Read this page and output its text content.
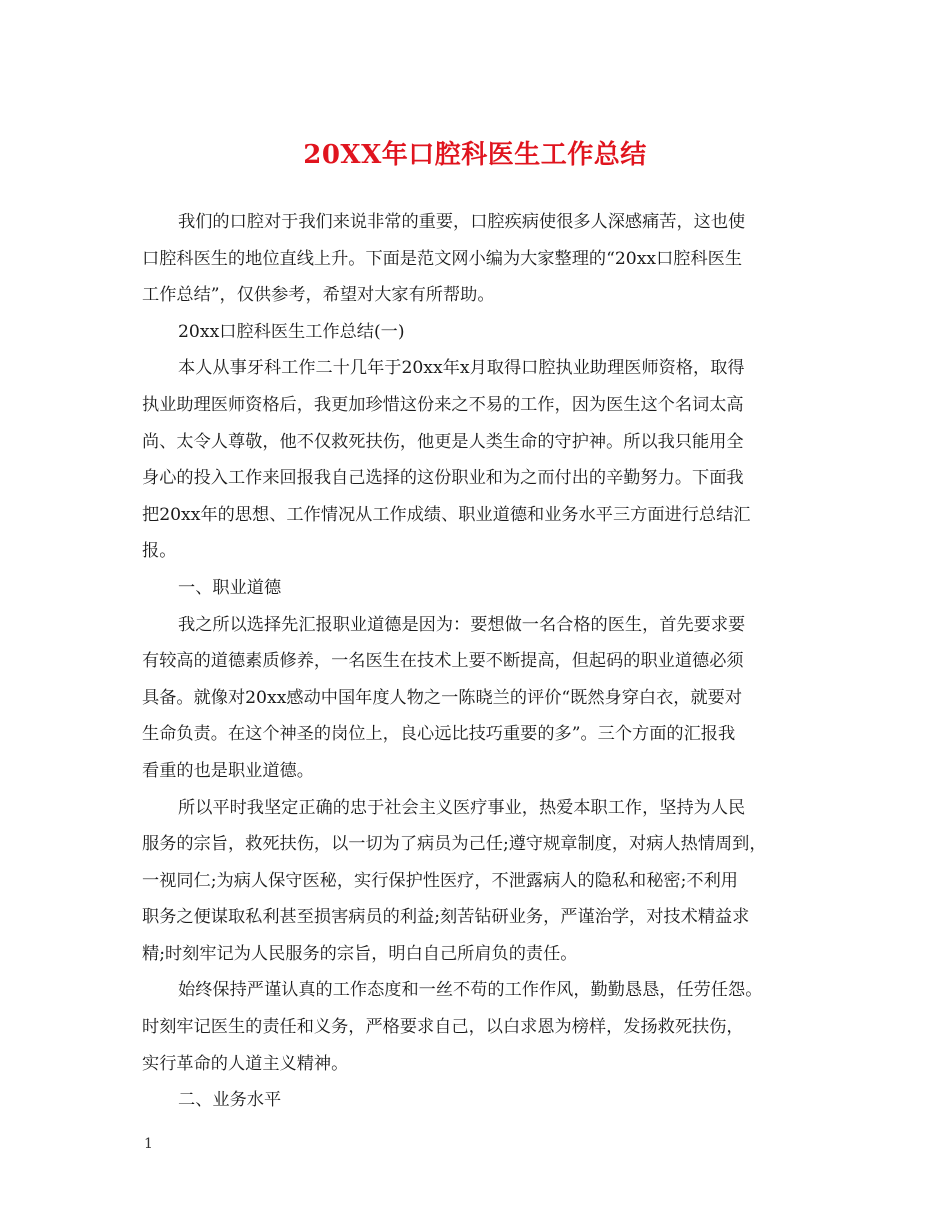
20XX年口腔科医生工作总结
我们的口腔对于我们来说非常的重要，口腔疾病使很多人深感痛苦，这也使
口腔科医生的地位直线上升。下面是范文网小编为大家整理的“20xx口腔科医生
工作总结”，仅供参考，希望对大家有所帮助。
20xx口腔科医生工作总结(一)
本人从事牙科工作二十几年于20xx年x月取得口腔执业助理医师资格，取得
执业助理医师资格后，我更加珍惜这份来之不易的工作，因为医生这个名词太高
尚、太令人尊敬，他不仅救死扶伤，他更是人类生命的守护神。所以我只能用全
身心的投入工作来回报我自己选择的这份职业和为之而付出的辛勤努力。下面我
把20xx年的思想、工作情况从工作成绩、职业道德和业务水平三方面进行总结汇
报。
一、职业道德
我之所以选择先汇报职业道德是因为：要想做一名合格的医生，首先要求要
有较高的道德素质修养，一名医生在技术上要不断提高，但起码的职业道德必须
具备。就像对20xx感动中国年度人物之一陈晓兰的评价“既然身穿白衣，就要对
生命负责。在这个神圣的岗位上，良心远比技巧重要的多”。三个方面的汇报我
看重的也是职业道德。
所以平时我坚定正确的忠于社会主义医疗事业，热爱本职工作，坚持为人民
服务的宗旨，救死扶伤，以一切为了病员为己任;遵守规章制度，对病人热情周到，
一视同仁;为病人保守医秘，实行保护性医疗，不泄露病人的隐私和秘密;不利用
职务之便谋取私利甚至损害病员的利益;刻苦钻研业务，严谨治学，对技术精益求
精;时刻牢记为人民服务的宗旨，明白自己所肩负的责任。
始终保持严谨认真的工作态度和一丝不苟的工作作风，勤勤恳恳，任劳任怨。
时刻牢记医生的责任和义务，严格要求自己，以白求恩为榜样，发扬救死扶伤，
实行革命的人道主义精神。
二、业务水平
1
